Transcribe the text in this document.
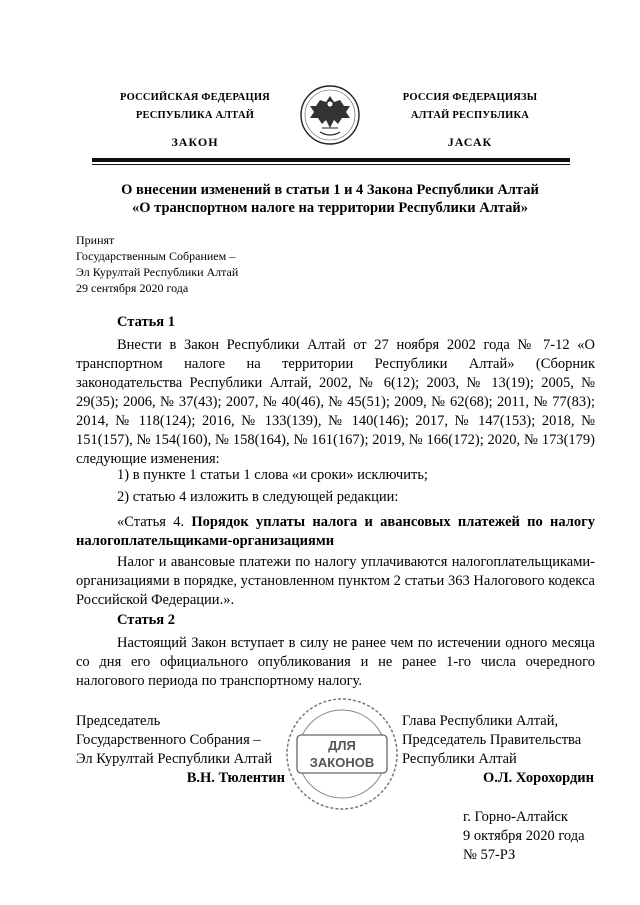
РОССИЙСКАЯ ФЕДЕРАЦИЯ
РЕСПУБЛИКА АЛТАЙ
ЗАКОН
РОССИЯ ФЕДЕРАЦИЯЗЫ
АЛТАЙ РЕСПУБЛИКА
JАСАК
О внесении изменений в статьи 1 и 4 Закона Республики Алтай
«О транспортном налоге на территории Республики Алтай»
Принят
Государственным Собранием –
Эл Курултай Республики Алтай
29 сентября 2020 года
Статья 1
Внести в Закон Республики Алтай от 27 ноября 2002 года № 7-12 «О транспортном налоге на территории Республики Алтай» (Сборник законодательства Республики Алтай, 2002, № 6(12); 2003, № 13(19); 2005, № 29(35); 2006, № 37(43); 2007, № 40(46), № 45(51); 2009, № 62(68); 2011, № 77(83); 2014, № 118(124); 2016, № 133(139), № 140(146); 2017, № 147(153); 2018, № 151(157), № 154(160), № 158(164), № 161(167); 2019, № 166(172); 2020, № 173(179) следующие изменения:
1) в пункте 1 статьи 1 слова «и сроки» исключить;
2) статью 4 изложить в следующей редакции:
«Статья 4. Порядок уплаты налога и авансовых платежей по налогу налогоплательщиками-организациями
Налог и авансовые платежи по налогу уплачиваются налогоплательщиками-организациями в порядке, установленном пунктом 2 статьи 363 Налогового кодекса Российской Федерации.».
Статья 2
Настоящий Закон вступает в силу не ранее чем по истечении одного месяца со дня его официального опубликования и не ранее 1-го числа очередного налогового периода по транспортному налогу.
Председатель
Государственного Собрания –
Эл Курултай Республики Алтай
В.Н. Тюлентин
ДЛЯ
ЗАКОНОВ
Глава Республики Алтай,
Председатель Правительства
Республики Алтай
О.Л. Хорохордин
г. Горно-Алтайск
9 октября 2020 года
№ 57-РЗ
